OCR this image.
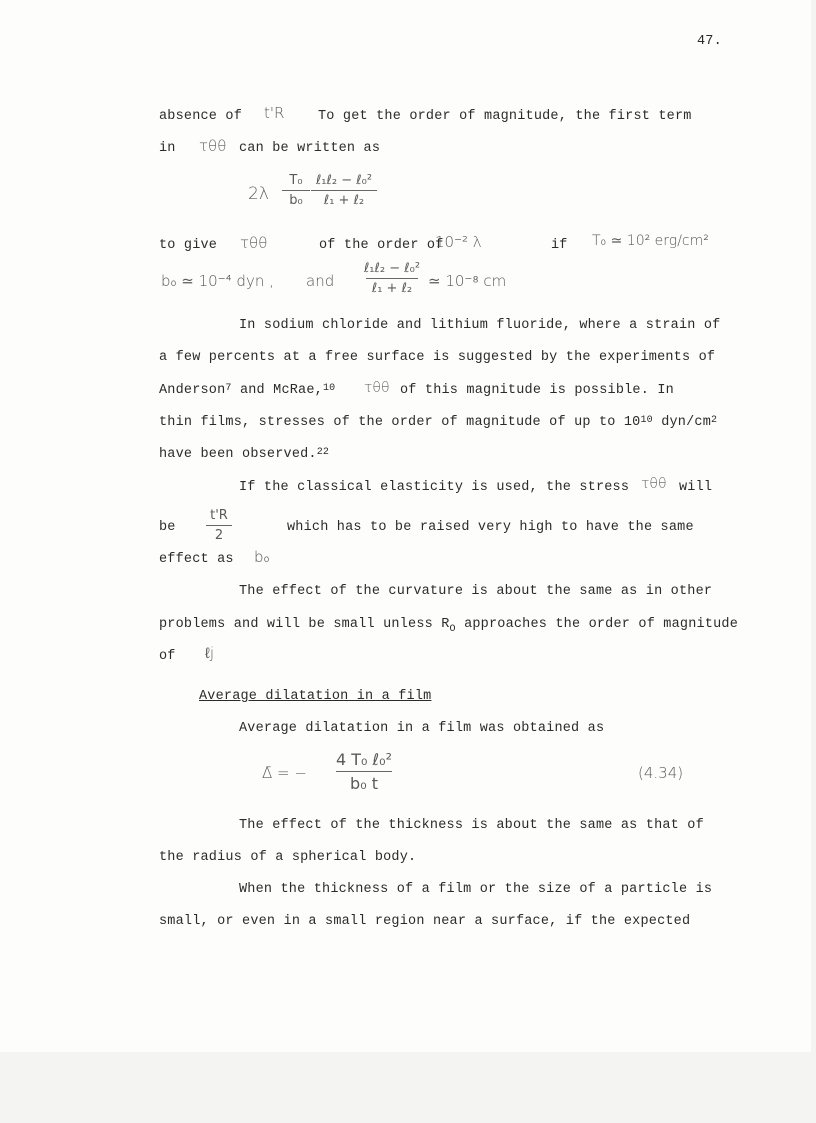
47.
absence of t'R To get the order of magnitude, the first term
in τθθ can be written as
2λ
T₀
b₀
ℓ₁ℓ₂ − ℓ₀²
ℓ₁ + ℓ₂
to give τθθ	of the order of
10⁻² λ	if T₀ ≃ 10² erg/cm²
b₀ ≃ 10⁻⁴ dyn , and
ℓ₁ℓ₂ − ℓ₀²
ℓ₁ + ℓ₂ ≃ 10⁻⁸ cm
In sodium chloride and lithium fluoride, where a strain of
a few percents at a free surface is suggested by the experiments of
Anderson$^7$ and McRae,$^{10}$ τθθ of this magnitude is possible. In
thin films, stresses of the order of magnitude of up to $10^{10}$ dyn/$cm^2$
have been observed.$^{22}$
If the classical elasticity is used, the stress τθθ will
be
t'R
2
which has to be raised very high to have the same
effect as b₀
The effect of the curvature is about the same as in other
problems and will be small unless $R_O$ approaches the order of magnitude
of ℓj
Average dilatation in a film
Average dilatation in a film was obtained as
Δ̄ = −
4 T₀ ℓ₀²
b₀ t
(4.34)
The effect of the thickness is about the same as that of
the radius of a spherical body.
When the thickness of a film or the size of a particle is
small, or even in a small region near a surface, if the expected
